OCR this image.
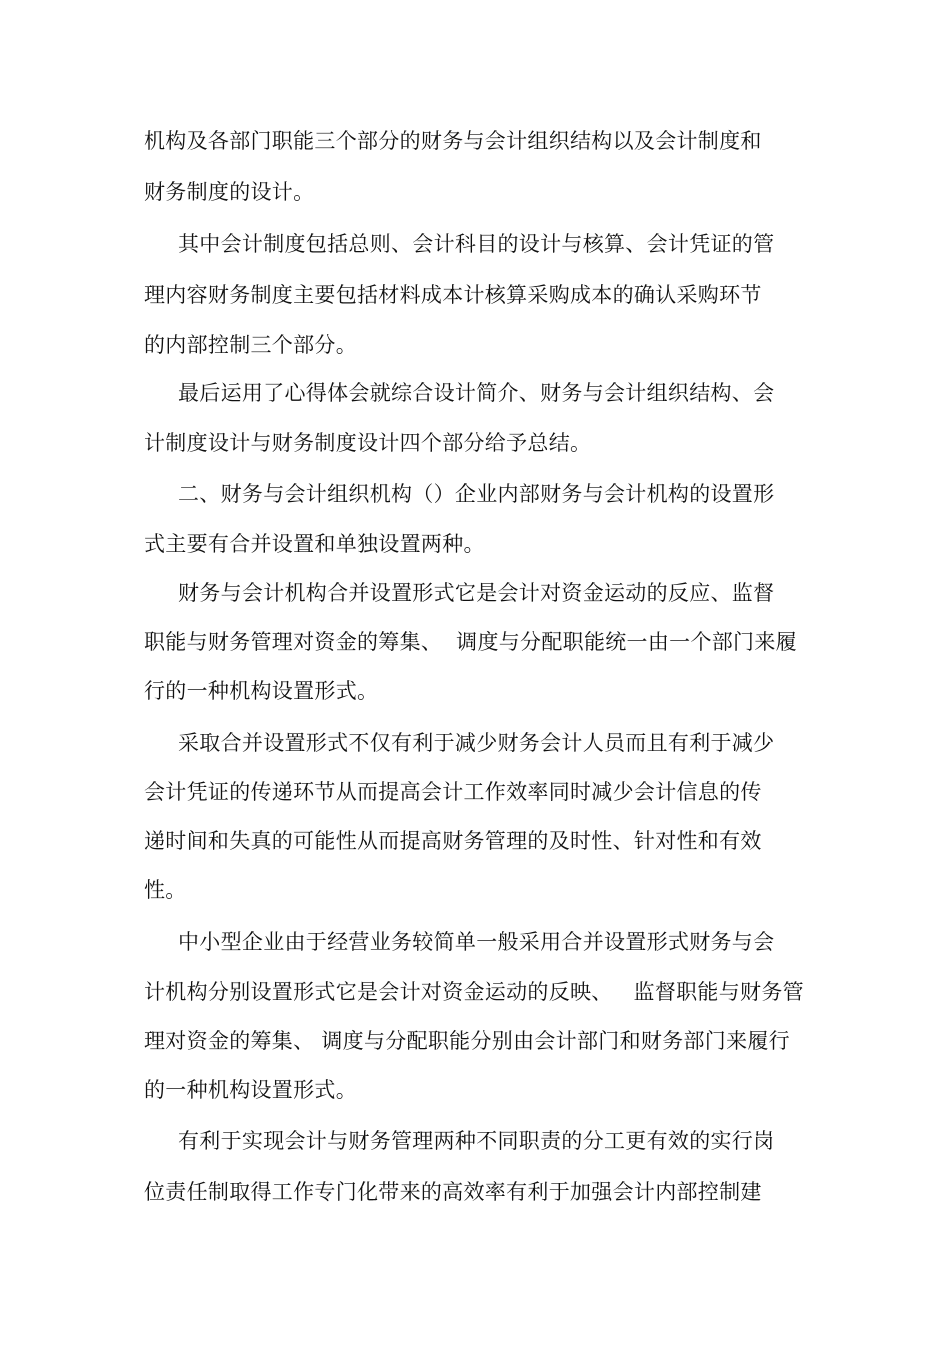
机构及各部门职能三个部分的财务与会计组织结构以及会计制度和
财务制度的设计。
其中会计制度包括总则、会计科目的设计与核算、会计凭证的管
理内容财务制度主要包括材料成本计核算采购成本的确认采购环节
的内部控制三个部分。
最后运用了心得体会就综合设计简介、财务与会计组织结构、会
计制度设计与财务制度设计四个部分给予总结。
二、财务与会计组织机构（）企业内部财务与会计机构的设置形
式主要有合并设置和单独设置两种。
财务与会计机构合并设置形式它是会计对资金运动的反应、监督
职能与财务管理对资金的筹集、  调度与分配职能统一由一个部门来履
行的一种机构设置形式。
采取合并设置形式不仅有利于减少财务会计人员而且有利于减少
会计凭证的传递环节从而提高会计工作效率同时减少会计信息的传
递时间和失真的可能性从而提高财务管理的及时性、针对性和有效
性。
中小型企业由于经营业务较简单一般采用合并设置形式财务与会
计机构分别设置形式它是会计对资金运动的反映、   监督职能与财务管
理对资金的筹集、 调度与分配职能分别由会计部门和财务部门来履行
的一种机构设置形式。
有利于实现会计与财务管理两种不同职责的分工更有效的实行岗
位责任制取得工作专门化带来的高效率有利于加强会计内部控制建
